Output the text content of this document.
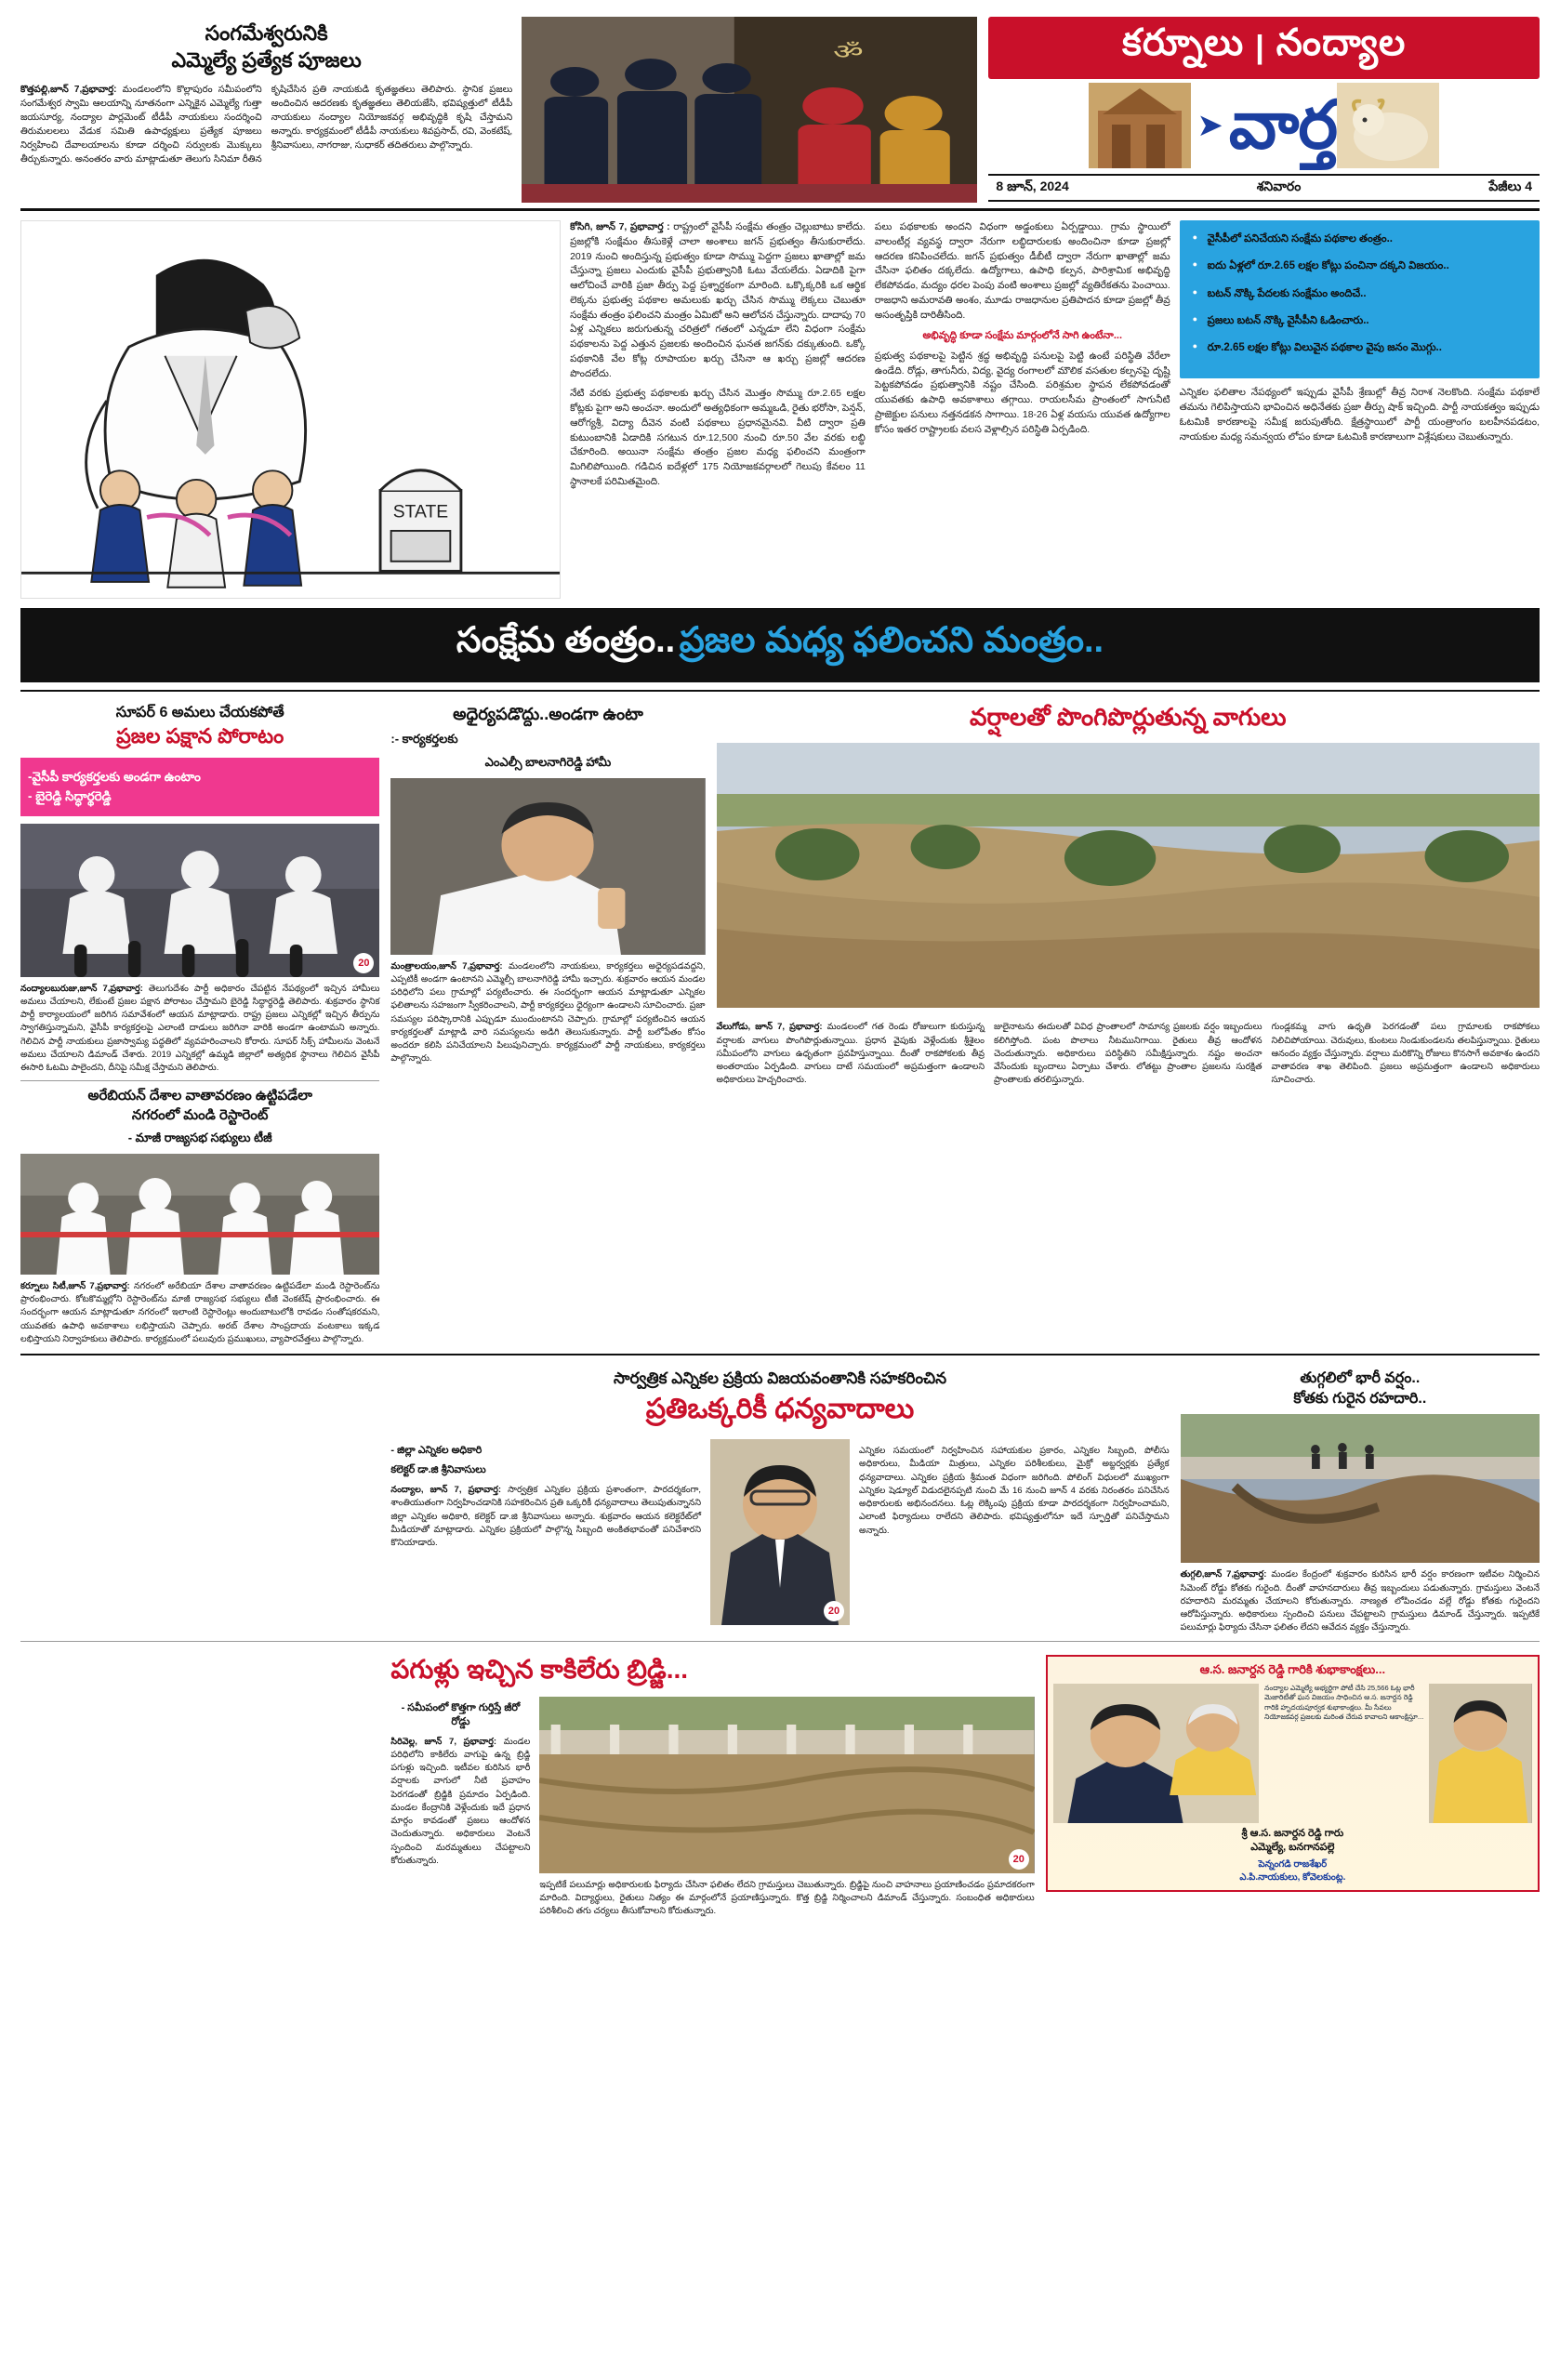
సంగమేశ్వరునికి
ఎమ్మెల్యే ప్రత్యేక పూజలు
కొత్తపల్లి,జూన్ 7,ప్రభావార్త: మండలంలోని కొల్లాపురం సమీపంలోని సంగమేశ్వర స్వామి ఆలయాన్ని నూతనంగా ఎన్నికైన ఎమ్మెల్యే గుత్తా జయసూర్య, నంద్యాల పార్లమెంట్ టీడీపీ నాయకులు సందర్శించి తిరుమలలలు వేడుక సమితి ఉపాధ్యక్షులు ప్రత్యేక పూజలు నిర్వహించి దేవాలయాలను కూడా దర్శించి సర్వులకు మొక్కులు తీర్చుకున్నారు. అనంతరం వారు మాట్లాడుతూ తెలుగు సినిమా రీతిన కృషిచేసిన ప్రతి నాయకుడి కృతజ్ఞతలు తెలిపారు. స్థానిక ప్రజలు అందించిన ఆదరణకు కృతజ్ఞతలు తెలియజేసి, భవిష్యత్తులో టీడీపీ నాయకులు నంద్యాల నియోజకవర్గ అభివృద్ధికి కృషి చేస్తామని అన్నారు. కార్యక్రమంలో టీడీపీ నాయకులు శివప్రసాద్, రవి, వెంకటేష్, శ్రీనివాసులు, నాగరాజు, సుధాకర్ తదితరులు పాల్గొన్నారు.
ॐ	కర్నూలు | నంద్యాల
➤ వార్త
8 జూన్, 2024	శనివారం	పేజీలు 4
STATE

కోసిగి, జూన్ 7, ప్రభావార్త : రాష్ట్రంలో వైసీపీ సంక్షేమ తంత్రం చెల్లుబాటు కాలేదు. ప్రజల్లోకి సంక్షేమం తీసుకెళ్లే చాలా అంశాలు జగన్ ప్రభుత్వం తీసుకురాలేదు. 2019 నుంచి అందిస్తున్న ప్రభుత్వం కూడా సొమ్ము పెద్దగా ప్రజలు ఖాతాల్లో జమ చేస్తున్నా ప్రజలు ఎందుకు వైసీపీ ప్రభుత్వానికి ఓటు వేయలేదు. ఏడాదికి పైగా ఆలోచించే వారికి ప్రజా తీర్పు పెద్ద ప్రశ్నార్ధకంగా మారింది. ఒక్కొక్కరికి ఒక ఆర్థిక లెక్కను ప్రభుత్వ పథకాల అమలుకు ఖర్చు చేసిన సొమ్ము లెక్కలు చెబుతూ సంక్షేమ తంత్రం ఫలించని మంత్రం ఏమిటో అని ఆలోచన చేస్తున్నారు. దాదాపు 70 ఏళ్ల ఎన్నికలు జరుగుతున్న చరిత్రలో గతంలో ఎన్నడూ లేని విధంగా సంక్షేమ పథకాలను పెద్ద ఎత్తున ప్రజలకు అందించిన ఘనత జగన్‌కు దక్కుతుంది. ఒక్కో పథకానికి వేల కోట్ల రూపాయల ఖర్చు చేసినా ఆ ఖర్చు ప్రజల్లో ఆదరణ పొందలేదు.

నేటి వరకు ప్రభుత్వ పథకాలకు ఖర్చు చేసిన మొత్తం సొమ్ము రూ.2.65 లక్షల కోట్లకు పైగా అని అంచనా. అందులో అత్యధికంగా అమ్మఒడి, రైతు భరోసా, పెన్షన్, ఆరోగ్యశ్రీ, విద్యా దీవెన వంటి పథకాలు ప్రధానమైనవి. వీటి ద్వారా ప్రతి కుటుంబానికి ఏడాదికి సగటున రూ.12,500 నుంచి రూ.50 వేల వరకు లబ్ధి చేకూరింది. అయినా సంక్షేమ తంత్రం ప్రజల మధ్య ఫలించని మంత్రంగా మిగిలిపోయింది. గడిచిన ఐదేళ్లలో 175 నియోజకవర్గాలలో గెలుపు కేవలం 11 స్థానాలకే పరిమితమైంది.

పలు పథకాలకు అందని విధంగా అడ్డంకులు ఏర్పడ్డాయి. గ్రామ స్థాయిలో వాలంటీర్ల వ్యవస్థ ద్వారా నేరుగా లబ్ధిదారులకు అందించినా కూడా ప్రజల్లో ఆదరణ కనిపించలేదు. జగన్ ప్రభుత్వం డీబీటీ ద్వారా నేరుగా ఖాతాల్లో జమ చేసినా ఫలితం దక్కలేదు. ఉద్యోగాలు, ఉపాధి కల్పన, పారిశ్రామిక అభివృద్ధి లేకపోవడం, మద్యం ధరల పెంపు వంటి అంశాలు ప్రజల్లో వ్యతిరేకతను పెంచాయి. రాజధాని అమరావతి అంశం, మూడు రాజధానుల ప్రతిపాదన కూడా ప్రజల్లో తీవ్ర అసంతృప్తికి దారితీసింది.

అభివృద్ధి కూడా సంక్షేమ మార్గంలోనే సాగి ఉంటేనా...

ప్రభుత్వ పథకాలపై పెట్టిన శ్రద్ధ అభివృద్ధి పనులపై పెట్టి ఉంటే పరిస్థితి వేరేలా ఉండేది. రోడ్లు, తాగునీరు, విద్య, వైద్య రంగాలలో మౌలిక వసతుల కల్పనపై దృష్టి పెట్టకపోవడం ప్రభుత్వానికి నష్టం చేసింది. పరిశ్రమల స్థాపన లేకపోవడంతో యువతకు ఉపాధి అవకాశాలు తగ్గాయి. రాయలసీమ ప్రాంతంలో సాగునీటి ప్రాజెక్టుల పనులు నత్తనడకన సాగాయి. 18-26 ఏళ్ల వయసు యువత ఉద్యోగాల కోసం ఇతర రాష్ట్రాలకు వలస వెళ్లాల్సిన పరిస్థితి ఏర్పడింది.

● వైసీపీలో పనిచేయని సంక్షేమ పథకాల తంత్రం..
● ఐదు ఏళ్లలో రూ.2.65 లక్షల కోట్లు పంచినా దక్కని విజయం..
● బటన్ నొక్కి పేదలకు సంక్షేమం అందిచే..
● ప్రజలు బటన్ నొక్కి వైసీపీని ఓడించారు..
● రూ.2.65 లక్షల కోట్లు విలువైన పథకాల వైపు జనం మొగ్గు..

ఎన్నికల ఫలితాల నేపథ్యంలో ఇప్పుడు వైసీపీ శ్రేణుల్లో తీవ్ర నిరాశ నెలకొంది. సంక్షేమ పథకాలే తమను గెలిపిస్తాయని భావించిన అధినేతకు ప్రజా తీర్పు షాక్ ఇచ్చింది. పార్టీ నాయకత్వం ఇప్పుడు ఓటమికి కారణాలపై సమీక్ష జరుపుతోంది. క్షేత్రస్థాయిలో పార్టీ యంత్రాంగం బలహీనపడటం, నాయకుల మధ్య సమన్వయ లోపం కూడా ఓటమికి కారణాలుగా విశ్లేషకులు చెబుతున్నారు.

సంక్షేమ తంత్రం.. ప్రజల మధ్య ఫలించని మంత్రం..
సూపర్ 6 అమలు చేయకపోతే
ప్రజల పక్షాన పోరాటం
-వైసీపీ కార్యకర్తలకు అండగా ఉంటాం
- బైరెడ్డి సిద్ధార్థరెడ్డి
20
నంద్యాలబురుజు,జూన్ 7,ప్రభావార్త: తెలుగుదేశం పార్టీ అధికారం చేపట్టిన నేపథ్యంలో ఇచ్చిన హామీలు అమలు చేయాలని, లేకుంటే ప్రజల పక్షాన పోరాటం చేస్తామని బైరెడ్డి సిద్ధార్థరెడ్డి తెలిపారు. శుక్రవారం స్థానిక పార్టీ కార్యాలయంలో జరిగిన సమావేశంలో ఆయన మాట్లాడారు. రాష్ట్ర ప్రజలు ఎన్నికల్లో ఇచ్చిన తీర్పును స్వాగతిస్తున్నామని, వైసీపీ కార్యకర్తలపై ఎలాంటి దాడులు జరిగినా వారికి అండగా ఉంటామని అన్నారు. గెలిచిన పార్టీ నాయకులు ప్రజాస్వామ్య పద్ధతిలో వ్యవహరించాలని కోరారు. సూపర్ సిక్స్ హామీలను వెంటనే అమలు చేయాలని డిమాండ్ చేశారు. 2019 ఎన్నికల్లో ఉమ్మడి జిల్లాలో అత్యధిక స్థానాలు గెలిచిన వైసీపీ ఈసారి ఓటమి పాలైందని, దీనిపై సమీక్ష చేస్తామని తెలిపారు.
అరేబియన్ దేశాల వాతావరణం ఉట్టిపడేలా
నగరంలో మండి రెస్టారెంట్
- మాజీ రాజ్యసభ సభ్యులు టీజీ
కర్నూలు సిటీ,జూన్ 7,ప్రభావార్త: నగరంలో అరేబియా దేశాల వాతావరణం ఉట్టిపడేలా మండి రెస్టారెంట్‌ను ప్రారంభించారు. కోటకొమ్మల్లోని రెస్టారెంట్‌ను మాజీ రాజ్యసభ సభ్యులు టీజీ వెంకటేష్ ప్రారంభించారు. ఈ సందర్భంగా ఆయన మాట్లాడుతూ నగరంలో ఇలాంటి రెస్టారెంట్లు అందుబాటులోకి రావడం సంతోషకరమని, యువతకు ఉపాధి అవకాశాలు లభిస్తాయని చెప్పారు. అరబ్ దేశాల సాంప్రదాయ వంటకాలు ఇక్కడ లభిస్తాయని నిర్వాహకులు తెలిపారు. కార్యక్రమంలో పలువురు ప్రముఖులు, వ్యాపారవేత్తలు పాల్గొన్నారు.
అధైర్యపడొద్దు..అండగా ఉంటా
:- కార్యకర్తలకు
ఎంఎల్సీ బాలనాగిరెడ్డి హామీ
మంత్రాలయం,జూన్ 7,ప్రభావార్త: మండలంలోని నాయకులు, కార్యకర్తలు అధైర్యపడవద్దని, ఎప్పటికీ అండగా ఉంటానని ఎమ్మెల్సీ బాలనాగిరెడ్డి హామీ ఇచ్చారు. శుక్రవారం ఆయన మండల పరిధిలోని పలు గ్రామాల్లో పర్యటించారు. ఈ సందర్భంగా ఆయన మాట్లాడుతూ ఎన్నికల ఫలితాలను సహజంగా స్వీకరించాలని, పార్టీ కార్యకర్తలు ధైర్యంగా ఉండాలని సూచించారు. ప్రజా సమస్యల పరిష్కారానికి ఎప్పుడూ ముందుంటానని చెప్పారు. గ్రామాల్లో పర్యటించిన ఆయన కార్యకర్తలతో మాట్లాడి వారి సమస్యలను అడిగి తెలుసుకున్నారు. పార్టీ బలోపేతం కోసం అందరూ కలిసి పనిచేయాలని పిలుపునిచ్చారు. కార్యక్రమంలో పార్టీ నాయకులు, కార్యకర్తలు పాల్గొన్నారు.
వర్షాలతో పొంగిపొర్లుతున్న వాగులు
వేలుగోడు, జూన్ 7, ప్రభావార్త: మండలంలో గత రెండు రోజులుగా కురుస్తున్న వర్షాలకు వాగులు పొంగిపొర్లుతున్నాయి. ప్రధాన వైపుకు వెళ్లేందుకు శ్రీశైలం సమీపంలోని వాగులు ఉధృతంగా ప్రవహిస్తున్నాయి. దీంతో రాకపోకలకు తీవ్ర అంతరాయం ఏర్పడింది. వాగులు దాటే సమయంలో అప్రమత్తంగా ఉండాలని అధికారులు హెచ్చరించారు.
జులైనాటను ఈదులతో వివిధ ప్రాంతాలలో సామాన్య ప్రజలకు వర్షం ఇబ్బందులు కలిగిస్తోంది. పంట పొలాలు నీటమునిగాయి. రైతులు తీవ్ర ఆందోళన చెందుతున్నారు. అధికారులు పరిస్థితిని సమీక్షిస్తున్నారు. నష్టం అంచనా వేసేందుకు బృందాలు ఏర్పాటు చేశారు. లోతట్టు ప్రాంతాల ప్రజలను సురక్షిత ప్రాంతాలకు తరలిస్తున్నారు.
గుండ్లకమ్మ వాగు ఉధృతి పెరగడంతో పలు గ్రామాలకు రాకపోకలు నిలిచిపోయాయి. చెరువులు, కుంటలు నిండుకుండలను తలపిస్తున్నాయి. రైతులు ఆనందం వ్యక్తం చేస్తున్నారు. వర్షాలు మరికొన్ని రోజులు కొనసాగే అవకాశం ఉందని వాతావరణ శాఖ తెలిపింది. ప్రజలు అప్రమత్తంగా ఉండాలని అధికారులు సూచించారు.
సార్వత్రిక ఎన్నికల ప్రక్రియ విజయవంతానికి సహకరించిన
ప్రతిఒక్కరికీ ధన్యవాదాలు
- జిల్లా ఎన్నికల అధికారి
కలెక్టర్ డా.జి శ్రీనివాసులు
నంద్యాల, జూన్ 7, ప్రభావార్త: సార్వత్రిక ఎన్నికల ప్రక్రియ ప్రశాంతంగా, పారదర్శకంగా, శాంతియుతంగా నిర్వహించడానికి సహకరించిన ప్రతి ఒక్కరికీ ధన్యవాదాలు తెలుపుతున్నానని జిల్లా ఎన్నికల అధికారి, కలెక్టర్ డా.జి శ్రీనివాసులు అన్నారు. శుక్రవారం ఆయన కలెక్టరేట్‌లో మీడియాతో మాట్లాడారు. ఎన్నికల ప్రక్రియలో పాల్గొన్న సిబ్బంది అంకితభావంతో పనిచేశారని కొనియాడారు.
20
ఎన్నికల సమయంలో నిర్వహించిన సహాయకుల ప్రకారం, ఎన్నికల సిబ్బంది, పోలీసు అధికారులు, మీడియా మిత్రులు, ఎన్నికల పరిశీలకులు, మైక్రో అబ్జర్వర్లకు ప్రత్యేక ధన్యవాదాలు. ఎన్నికల ప్రక్రియ శ్రీమంత విధంగా జరిగింది. పోలింగ్ విధులలో ముఖ్యంగా ఎన్నికల షెడ్యూల్ విడుదలైనప్పటి నుంచి మే 16 నుంచి జూన్ 4 వరకు నిరంతరం పనిచేసిన అధికారులకు అభినందనలు. ఓట్ల లెక్కింపు ప్రక్రియ కూడా పారదర్శకంగా నిర్వహించామని, ఎలాంటి ఫిర్యాదులు రాలేదని తెలిపారు. భవిష్యత్తులోనూ ఇదే స్ఫూర్తితో పనిచేస్తామని అన్నారు.
తుగ్గలిలో భారీ వర్షం..
కోతకు గురైన రహదారి..
తుగ్గలి,జూన్ 7,ప్రభావార్త: మండల కేంద్రంలో శుక్రవారం కురిసిన భారీ వర్షం కారణంగా ఇటీవల నిర్మించిన సిమెంట్ రోడ్డు కోతకు గురైంది. దీంతో వాహనదారులు తీవ్ర ఇబ్బందులు పడుతున్నారు. గ్రామస్తులు వెంటనే రహదారిని మరమ్మతు చేయాలని కోరుతున్నారు. నాణ్యత లోపించడం వల్లే రోడ్డు కోతకు గురైందని ఆరోపిస్తున్నారు. అధికారులు స్పందించి పనులు చేపట్టాలని గ్రామస్తులు డిమాండ్ చేస్తున్నారు. ఇప్పటికే పలుమార్లు ఫిర్యాదు చేసినా ఫలితం లేదని ఆవేదన వ్యక్తం చేస్తున్నారు.
పగుళ్లు ఇచ్చిన కాకిలేరు బ్రిడ్జి...
- సమీపంలో కొత్తగా గుర్తిస్తే జీరో రోడ్డు
సిరివెల్ల, జూన్ 7, ప్రభావార్త: మండల పరిధిలోని కాకిలేరు వాగుపై ఉన్న బ్రిడ్జి పగుళ్లు ఇచ్చింది. ఇటీవల కురిసిన భారీ వర్షాలకు వాగులో నీటి ప్రవాహం పెరగడంతో బ్రిడ్జికి ప్రమాదం ఏర్పడింది. మండల కేంద్రానికి వెళ్లేందుకు ఇదే ప్రధాన మార్గం కావడంతో ప్రజలు ఆందోళన చెందుతున్నారు. అధికారులు వెంటనే స్పందించి మరమ్మతులు చేపట్టాలని కోరుతున్నారు.	20
ఇప్పటికే పలుమార్లు అధికారులకు ఫిర్యాదు చేసినా ఫలితం లేదని గ్రామస్తులు చెబుతున్నారు. బ్రిడ్జిపై నుంచి వాహనాలు ప్రయాణించడం ప్రమాదకరంగా మారింది. విద్యార్థులు, రైతులు నిత్యం ఈ మార్గంలోనే ప్రయాణిస్తున్నారు. కొత్త బ్రిడ్జి నిర్మించాలని డిమాండ్ చేస్తున్నారు. సంబంధిత అధికారులు పరిశీలించి తగు చర్యలు తీసుకోవాలని కోరుతున్నారు.
ఆ.స. జనార్దన రెడ్డి గారికి శుభాకాంక్షలు...
నంద్యాల ఎమ్మెల్యే అభ్యర్థిగా పోటీ చేసి 25,566 ఓట్ల భారీ మెజారిటీతో ఘన విజయం సాధించిన ఆ.స. జనార్దన రెడ్డి గారికి హృదయపూర్వక శుభాకాంక్షలు. మీ సేవలు నియోజకవర్గ ప్రజలకు మరింత చేరువ కావాలని ఆకాంక్షిస్తూ...
శ్రీ ఆ.స. జనార్దన రెడ్డి గారు
ఎమ్మెల్యే, బనగానపల్లె
పెన్నంగడి రాజశేఖర్
ఎ.పి.నాయకులు, కోవెలకుంట్ల.
